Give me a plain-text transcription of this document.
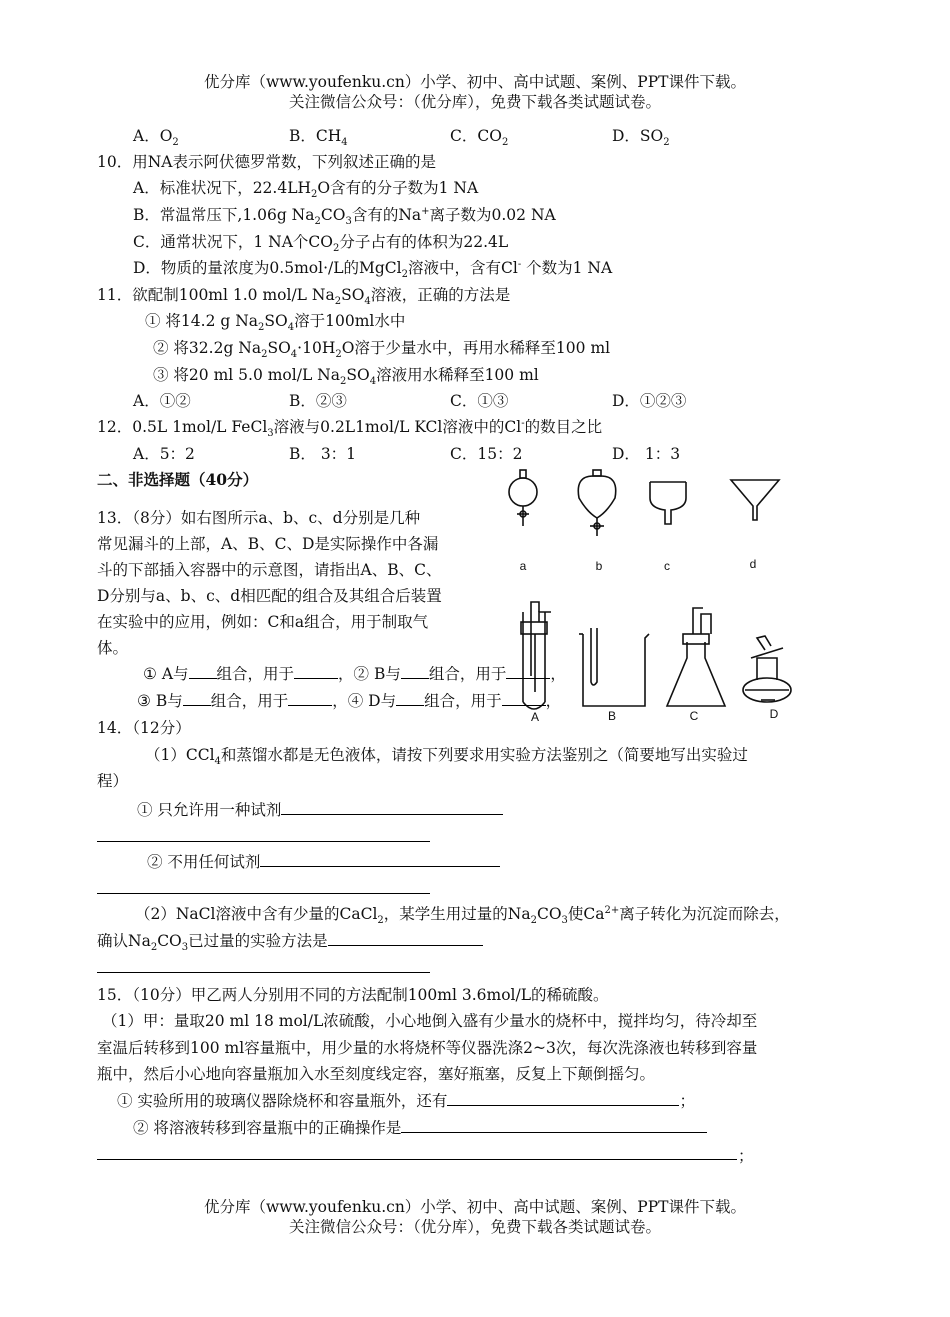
优分库（www.youfenku.cn）小学、初中、高中试题、案例、PPT课件下载。
关注微信公众号：（优分库），免费下载各类试题试卷。
A．$O_2$	B．$CH_4$	C．$CO_2$	D．$SO_2$
10．用NA表示阿伏德罗常数，下列叙述正确的是
A．标准状况下，$22.4LH_2O$含有的分子数为1 NA
B．常温常压下,1.06g $Na_2CO_3$含有的Na+离子数为0.02 NA
C．通常状况下，1 NA个$CO_2$分子占有的体积为22.4L
D．物质的量浓度为0.5mol·/L的MgCl$_2$溶液中，含有Cl- 个数为1 NA
11．欲配制100ml 1.0 mol/L $Na_2SO_4$溶液，正确的方法是
① 将14.2 g $Na_2SO_4$溶于100ml水中
② 将32.2g $Na_2SO_4\cdot 10H_2O$溶于少量水中，再用水稀释至100 ml
③ 将20 ml 5.0 mol/L $Na_2SO_4$溶液用水稀释至100 ml
A．①②	B．②③	C．①③	D．①②③
12．0.5L 1mol/L FeCl$_3$溶液与0.2L1mol/L KCl溶液中的Cl-的数目之比
A．5：2	B． 3：1	C．15：2	D． 1：3
二、非选择题（40分）
13．（8分）如右图所示a、b、c、d分别是几种
常见漏斗的上部，A、B、C、D是实际操作中各漏
斗的下部插入容器中的示意图，请指出A、B、C、
D分别与a、b、c、d相匹配的组合及其组合后装置
在实验中的应用，例如：C和a组合，用于制取气
体。
a	b	c	d
A	B	C	D
① A与 组合，用于	，② B与 组合，用于	，
③ B与 组合，用于	，④ D与 组合，用于	，
14．（12分）
（1）CCl$_4$和蒸馏水都是无色液体，请按下列要求用实验方法鉴别之（简要地写出实验过
程）
① 只允许用一种试剂
② 不用任何试剂
（2）NaCl溶液中含有少量的CaCl$_2$，某学生用过量的$Na_2CO_3$使$Ca^{2+}$离子转化为沉淀而除去，
确认$Na_2CO_3$已过量的实验方法是
15．（10分）甲乙两人分别用不同的方法配制100ml 3.6mol/L的稀硫酸。
（1）甲：量取20 ml 18 mol/L浓硫酸，小心地倒入盛有少量水的烧杯中，搅拌均匀，待冷却至
室温后转移到100 ml容量瓶中，用少量的水将烧杯等仪器洗涤2~3次，每次洗涤液也转移到容量
瓶中，然后小心地向容量瓶加入水至刻度线定容，塞好瓶塞，反复上下颠倒摇匀。
① 实验所用的玻璃仪器除烧杯和容量瓶外，还有	；
② 将溶液转移到容量瓶中的正确操作是
；
优分库（www.youfenku.cn）小学、初中、高中试题、案例、PPT课件下载。
关注微信公众号：（优分库），免费下载各类试题试卷。
